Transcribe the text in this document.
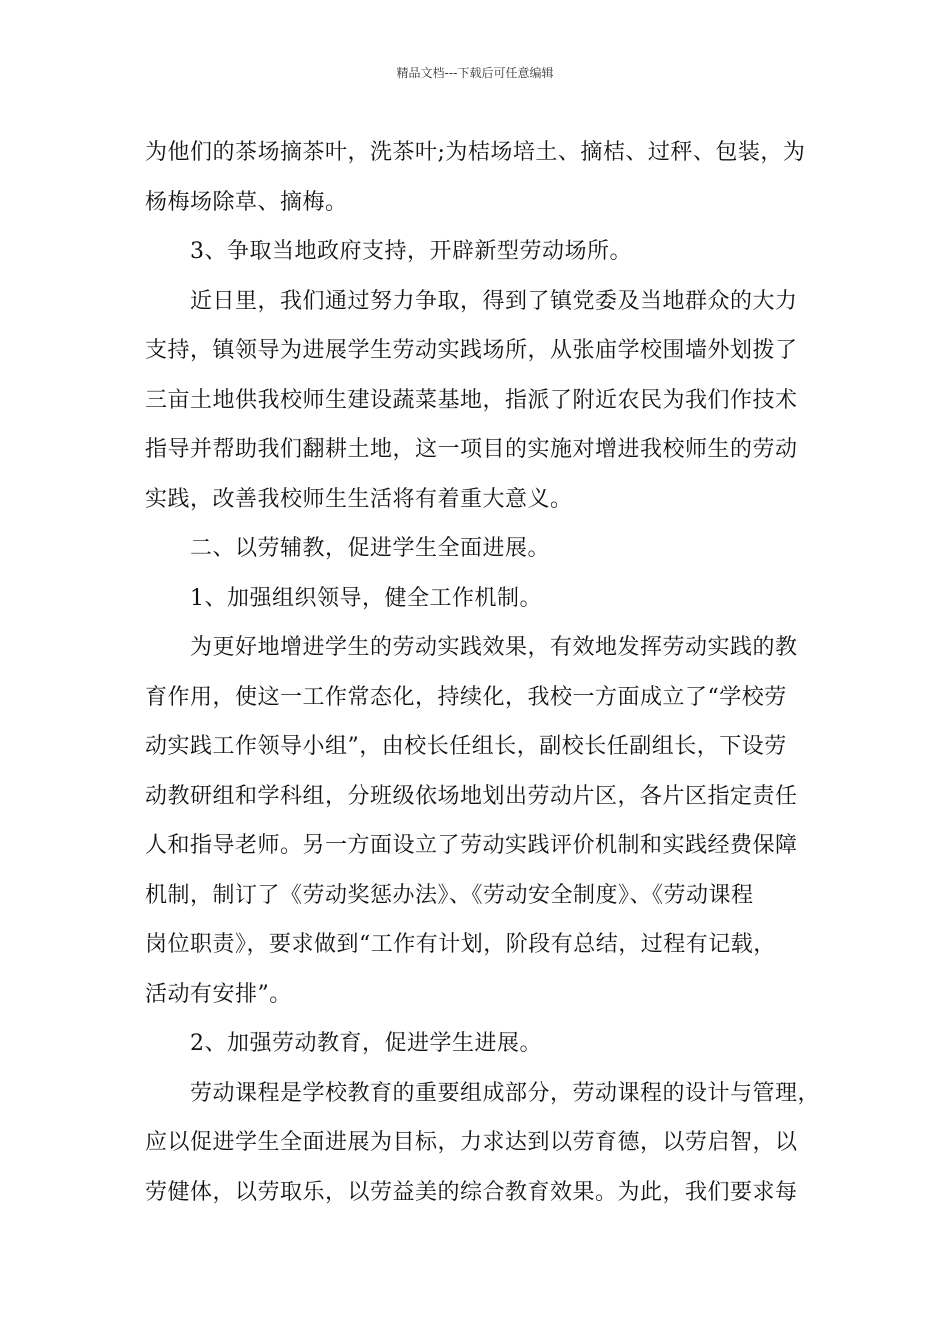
精品文档---下载后可任意编辑
为他们的茶场摘茶叶，洗茶叶;为桔场培土、摘桔、过秤、包装，为
杨梅场除草、摘梅。
3、争取当地政府支持，开辟新型劳动场所。
近日里，我们通过努力争取，得到了镇党委及当地群众的大力
支持，镇领导为进展学生劳动实践场所，从张庙学校围墙外划拨了
三亩土地供我校师生建设蔬菜基地，指派了附近农民为我们作技术
指导并帮助我们翻耕土地，这一项目的实施对增进我校师生的劳动
实践，改善我校师生生活将有着重大意义。
二、以劳辅教，促进学生全面进展。
1、加强组织领导，健全工作机制。
为更好地增进学生的劳动实践效果，有效地发挥劳动实践的教
育作用，使这一工作常态化，持续化，我校一方面成立了“学校劳
动实践工作领导小组”，由校长任组长，副校长任副组长，下设劳
动教研组和学科组，分班级依场地划出劳动片区，各片区指定责任
人和指导老师。另一方面设立了劳动实践评价机制和实践经费保障
机制，制订了《劳动奖惩办法》、《劳动安全制度》、《劳动课程
岗位职责》，要求做到“工作有计划，阶段有总结，过程有记载，
活动有安排”。
2、加强劳动教育，促进学生进展。
劳动课程是学校教育的重要组成部分，劳动课程的设计与管理，
应以促进学生全面进展为目标，力求达到以劳育德，以劳启智，以
劳健体，以劳取乐，以劳益美的综合教育效果。为此，我们要求每
